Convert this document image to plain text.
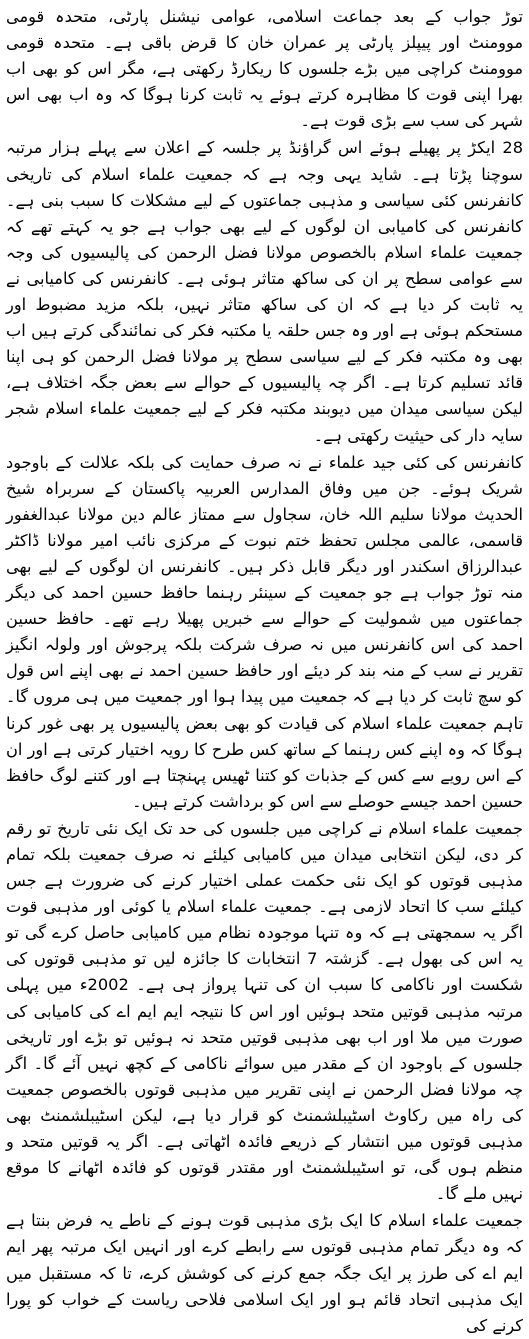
توڑ جواب کے بعد جماعت اسلامی، عوامی نیشنل پارٹی، متحدہ قومی موومنٹ اور پیپلز پارٹی پر عمران خان کا قرض باقی ہے۔ متحدہ قومی موومنٹ کراچی میں بڑے جلسوں کا ریکارڈ رکھتی ہے، مگر اس کو بھی اب بھرا اپنی قوت کا مظاہرہ کرتے ہوئے یہ ثابت کرنا ہوگا کہ وہ اب بھی اس شہر کی سب سے بڑی قوت ہے۔

28 ایکڑ پر پھیلے ہوئے اس گراؤنڈ پر جلسہ کے اعلان سے پہلے ہزار مرتبہ سوچنا پڑتا ہے۔ شاید یہی وجہ ہے کہ جمعیت علماء اسلام کی تاریخی کانفرنس کئی سیاسی و مذہبی جماعتوں کے لیے مشکلات کا سبب بنی ہے۔ کانفرنس کی کامیابی ان لوگوں کے لیے بھی جواب ہے جو یہ کہتے تھے کہ جمعیت علماء اسلام بالخصوص مولانا فضل الرحمن کی پالیسیوں کی وجہ سے عوامی سطح پر ان کی ساکھ متاثر ہوئی ہے۔ کانفرنس کی کامیابی نے یہ ثابت کر دیا ہے کہ ان کی ساکھ متاثر نہیں، بلکہ مزید مضبوط اور مستحکم ہوئی ہے اور وہ جس حلقہ یا مکتبہ فکر کی نمائندگی کرتے ہیں اب بھی وہ مکتبہ فکر کے لیے سیاسی سطح پر مولانا فضل الرحمن کو ہی اپنا قائد تسلیم کرتا ہے۔ اگر چہ پالیسیوں کے حوالے سے بعض جگہ اختلاف ہے، لیکن سیاسی میدان میں دیوبند مکتبہ فکر کے لیے جمعیت علماء اسلام شجر سایہ دار کی حیثیت رکھتی ہے۔

کانفرنس کی کئی جید علماء نے نہ صرف حمایت کی بلکہ علالت کے باوجود شریک ہوئے۔ جن میں وفاق المدارس العربیہ پاکستان کے سربراہ شیخ الحدیث مولانا سلیم اللہ خان، سجاول سے ممتاز عالم دین مولانا عبدالغفور قاسمی، عالمی مجلس تحفظ ختم نبوت کے مرکزی نائب امیر مولانا ڈاکٹر عبدالرزاق اسکندر اور دیگر قابل ذکر ہیں۔ کانفرنس ان لوگوں کے لیے بھی منہ توڑ جواب ہے جو جمعیت کے سینئر رہنما حافظ حسین احمد کی دیگر جماعتوں میں شمولیت کے حوالے سے خبریں پھیلا رہے تھے۔ حافظ حسین احمد کی اس کانفرنس میں نہ صرف شرکت بلکہ پرجوش اور ولولہ انگیز تقریر نے سب کے منہ بند کر دیئے اور حافظ حسین احمد نے بھی اپنے اس قول کو سچ ثابت کر دیا ہے کہ جمعیت میں پیدا ہوا اور جمعیت میں ہی مروں گا۔ تاہم جمعیت علماء اسلام کی قیادت کو بھی بعض پالیسیوں پر بھی غور کرنا ہوگا کہ وہ اپنے کس رہنما کے ساتھ کس طرح کا رویہ اختیار کرتی ہے اور ان کے اس رویے سے کس کے جذبات کو کتنا ٹھیس پہنچتا ہے اور کتنے لوگ حافظ حسین احمد جیسے حوصلے سے اس کو برداشت کرتے ہیں۔

جمعیت علماء اسلام نے کراچی میں جلسوں کی حد تک ایک نئی تاریخ تو رقم کر دی، لیکن انتخابی میدان میں کامیابی کیلئے نہ صرف جمعیت بلکہ تمام مذہبی قوتوں کو ایک نئی حکمت عملی اختیار کرنے کی ضرورت ہے جس کیلئے سب کا اتحاد لازمی ہے۔ جمعیت علماء اسلام یا کوئی اور مذہبی قوت اگر یہ سمجھتی ہے کہ وہ تنہا موجودہ نظام میں کامیابی حاصل کرے گی تو یہ اس کی بھول ہے۔ گزشتہ 7 انتخابات کا جائزہ لیں تو مذہبی قوتوں کی شکست اور ناکامی کا سبب ان کی تنہا پرواز ہی ہے۔ 2002ء میں پہلی مرتبہ مذہبی قوتیں متحد ہوئیں اور اس کا نتیجہ ایم ایم اے کی کامیابی کی صورت میں ملا اور اب بھی مذہبی قوتیں متحد نہ ہوئیں تو بڑے اور تاریخی جلسوں کے باوجود ان کے مقدر میں سوائے ناکامی کے کچھ نہیں آئے گا۔ اگر چہ مولانا فضل الرحمن نے اپنی تقریر میں مذہبی قوتوں بالخصوص جمعیت کی راہ میں رکاوٹ اسٹیبلشمنٹ کو قرار دیا ہے، لیکن اسٹیبلشمنٹ بھی مذہبی قوتوں میں انتشار کے ذریعے فائدہ اٹھاتی ہے۔ اگر یہ قوتیں متحد و منظم ہوں گی، تو اسٹیبلشمنٹ اور مقتدر قوتوں کو فائدہ اٹھانے کا موقع نہیں ملے گا۔

جمعیت علماء اسلام کا ایک بڑی مذہبی قوت ہونے کے ناطے یہ فرض بنتا ہے کہ وہ دیگر تمام مذہبی قوتوں سے رابطے کرے اور انہیں ایک مرتبہ پھر ایم ایم اے کی طرز پر ایک جگہ جمع کرنے کی کوشش کرے، تا کہ مستقبل میں ایک مذہبی اتحاد قائم ہو اور ایک اسلامی فلاحی ریاست کے خواب کو پورا کرنے کی
